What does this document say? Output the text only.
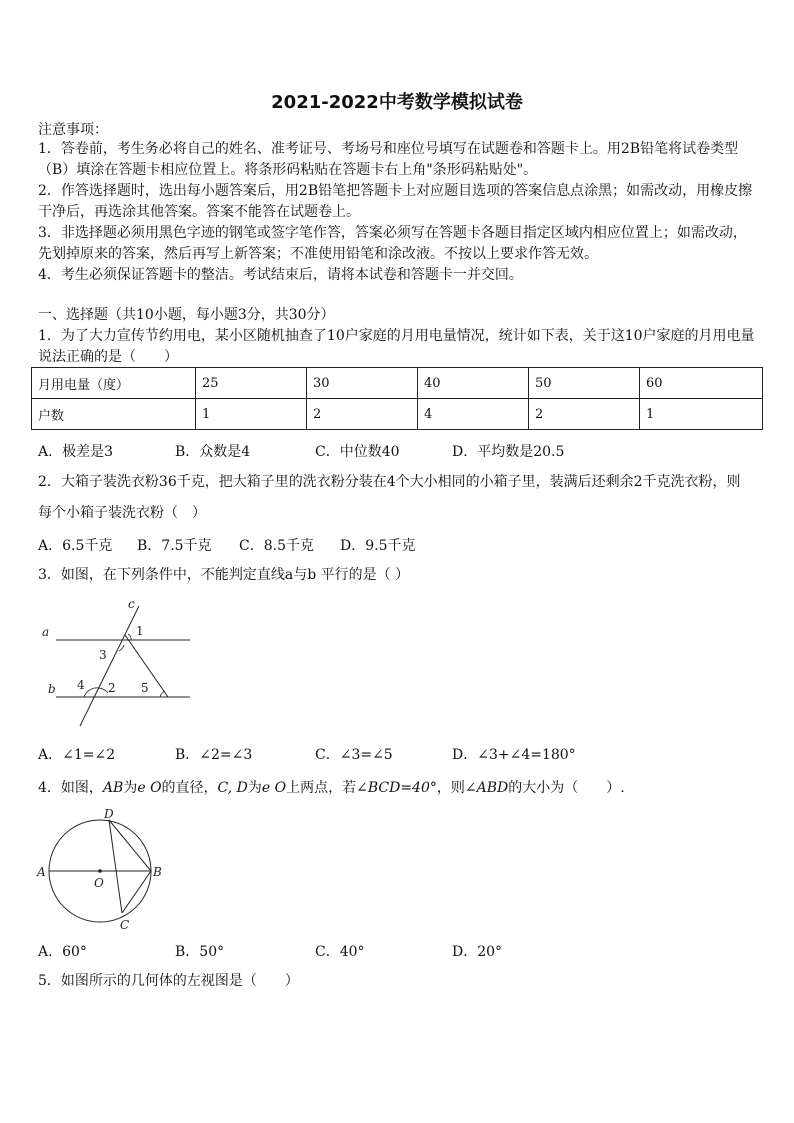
2021-2022中考数学模拟试卷
注意事项：
1．答卷前，考生务必将自己的姓名、准考证号、考场号和座位号填写在试题卷和答题卡上。用2B铅笔将试卷类型（B）填涂在答题卡相应位置上。将条形码粘贴在答题卡右上角"条形码粘贴处"。
2．作答选择题时，选出每小题答案后，用2B铅笔把答题卡上对应题目选项的答案信息点涂黑；如需改动，用橡皮擦干净后，再选涂其他答案。答案不能答在试题卷上。
3．非选择题必须用黑色字迹的钢笔或签字笔作答，答案必须写在答题卡各题目指定区域内相应位置上；如需改动，先划掉原来的答案，然后再写上新答案；不准使用铅笔和涂改液。不按以上要求作答无效。
4．考生必须保证答题卡的整洁。考试结束后，请将本试卷和答题卡一并交回。
一、选择题（共10小题，每小题3分，共30分）
1．为了大力宣传节约用电，某小区随机抽查了10户家庭的月用电量情况，统计如下表，关于这10户家庭的月用电量说法正确的是（　　）
月用电量（度）	25	30	40	50	60
户数	1	2	4	2	1
A．极差是3	B．众数是4	C．中位数40	D．平均数是20.5
2．大箱子装洗衣粉36千克，把大箱子里的洗衣粉分装在4个大小相同的小箱子里，装满后还剩余2千克洗衣粉，则
每个小箱子装洗衣粉（　）
A．6.5千克 B．7.5千克 C．8.5千克 D．9.5千克
3．如图，在下列条件中，不能判定直线a与b 平行的是（ ）
c
a
b
1
3
4 2 5
A．∠1=∠2	B．∠2=∠3	C．∠3=∠5	D．∠3+∠4=180°
4．如图，AB为e O的直径，C, D为e O上两点，若∠BCD=40°，则∠ABD的大小为（　　）.
D
A	B
O
C
A．60°	B．50°	C．40°	D．20°
5．如图所示的几何体的左视图是（　　）
